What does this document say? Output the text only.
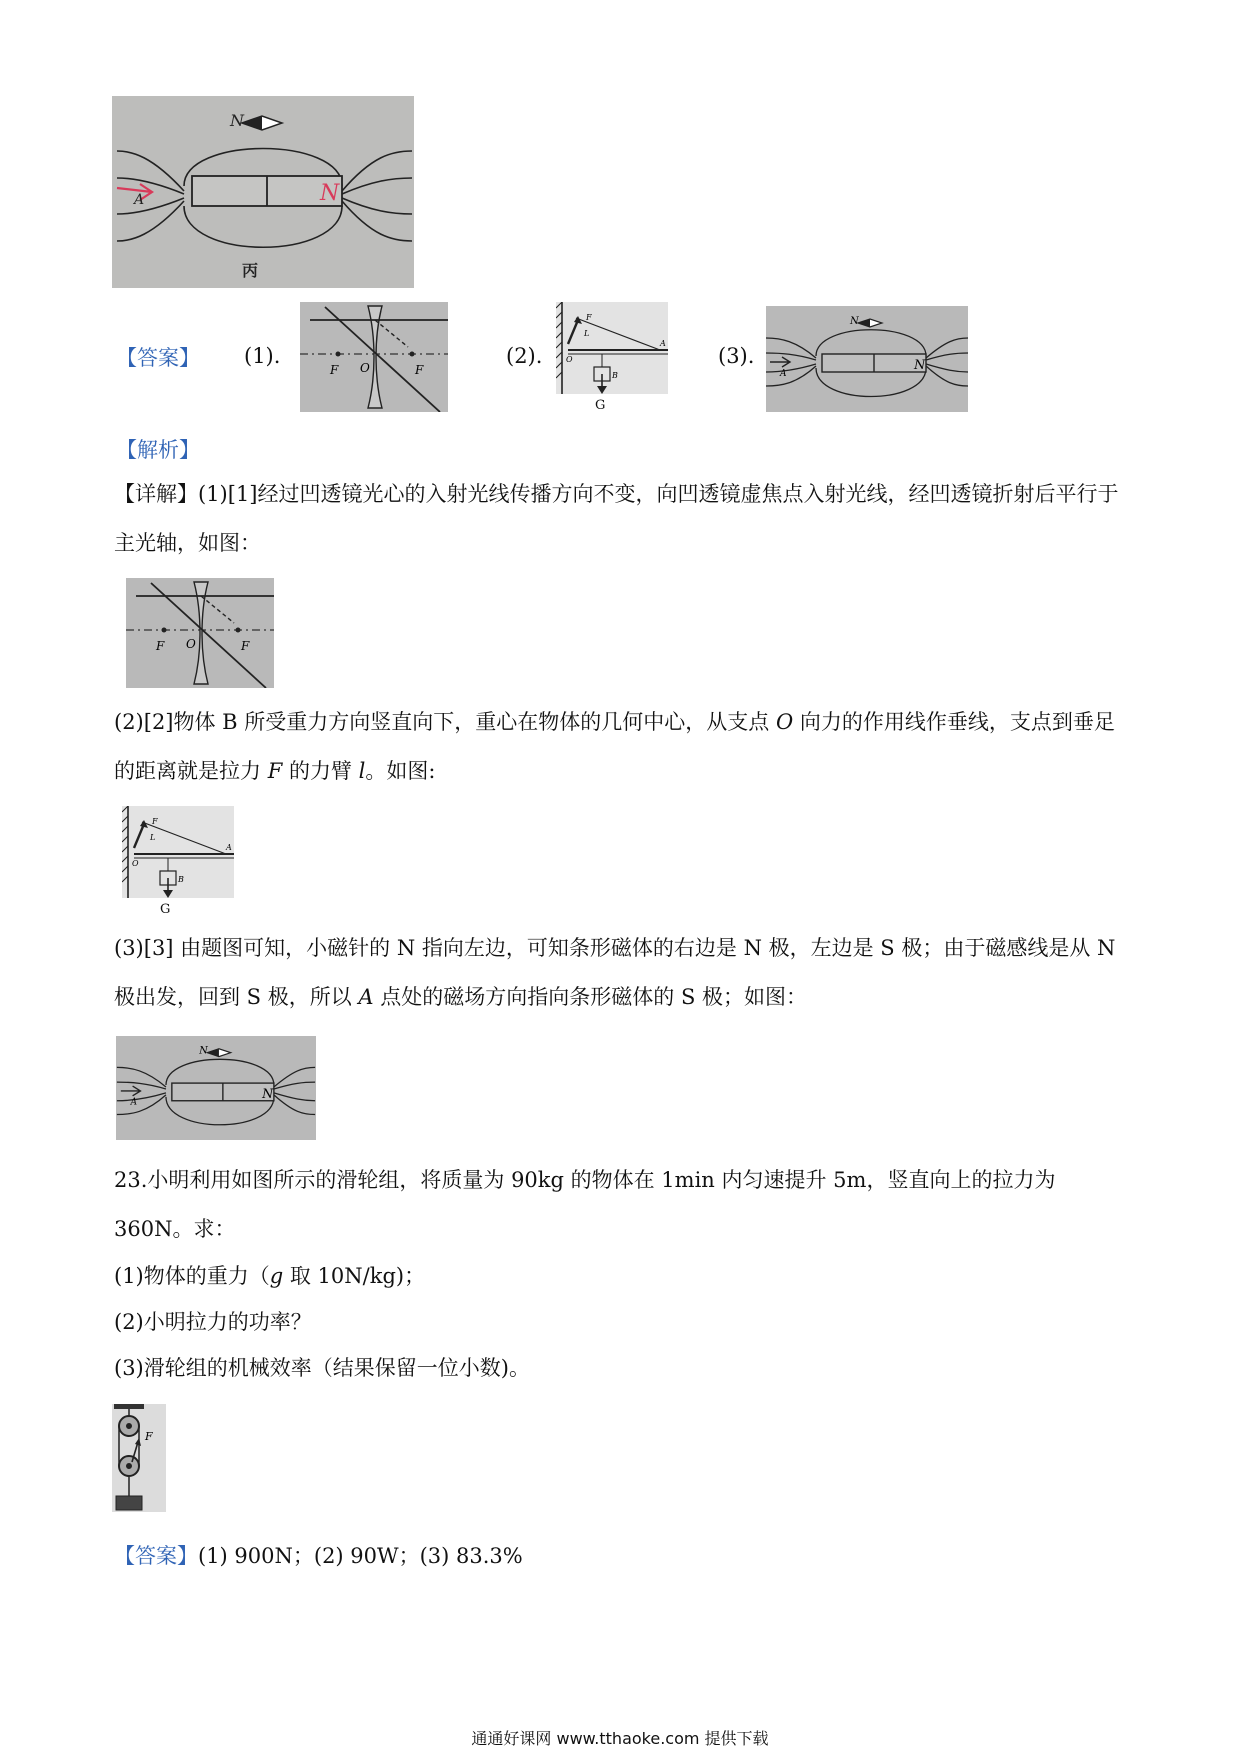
N
A	N
丙
【答案】 (1).
F O	F
(2).
F
L
O
A
B
G
(3).
N
A
N
【解析】
【详解】(1)[1]经过凹透镜光心的入射光线传播方向不变，向凹透镜虚焦点入射光线，经凹透镜折射后平行于主光轴，如图：
F O	F
(2)[2]物体 B 所受重力方向竖直向下，重心在物体的几何中心，从支点 O 向力的作用线作垂线，支点到垂足的距离就是拉力 F 的力臂 l。如图:
F
L
O
A
B
G
(3)[3] 由题图可知，小磁针的 N 指向左边，可知条形磁体的右边是 N 极，左边是 S 极；由于磁感线是从 N 极出发，回到 S 极，所以 A 点处的磁场方向指向条形磁体的 S 极；如图：
N
A
N
23.小明利用如图所示的滑轮组，将质量为 90kg 的物体在 1min 内匀速提升 5m，竖直向上的拉力为 360N。求：
(1)物体的重力（g 取 10N/kg)；
(2)小明拉力的功率？
(3)滑轮组的机械效率（结果保留一位小数)。
F
【答案】(1) 900N；(2) 90W；(3) 83.3%
通通好课网 www.tthaoke.com 提供下载
